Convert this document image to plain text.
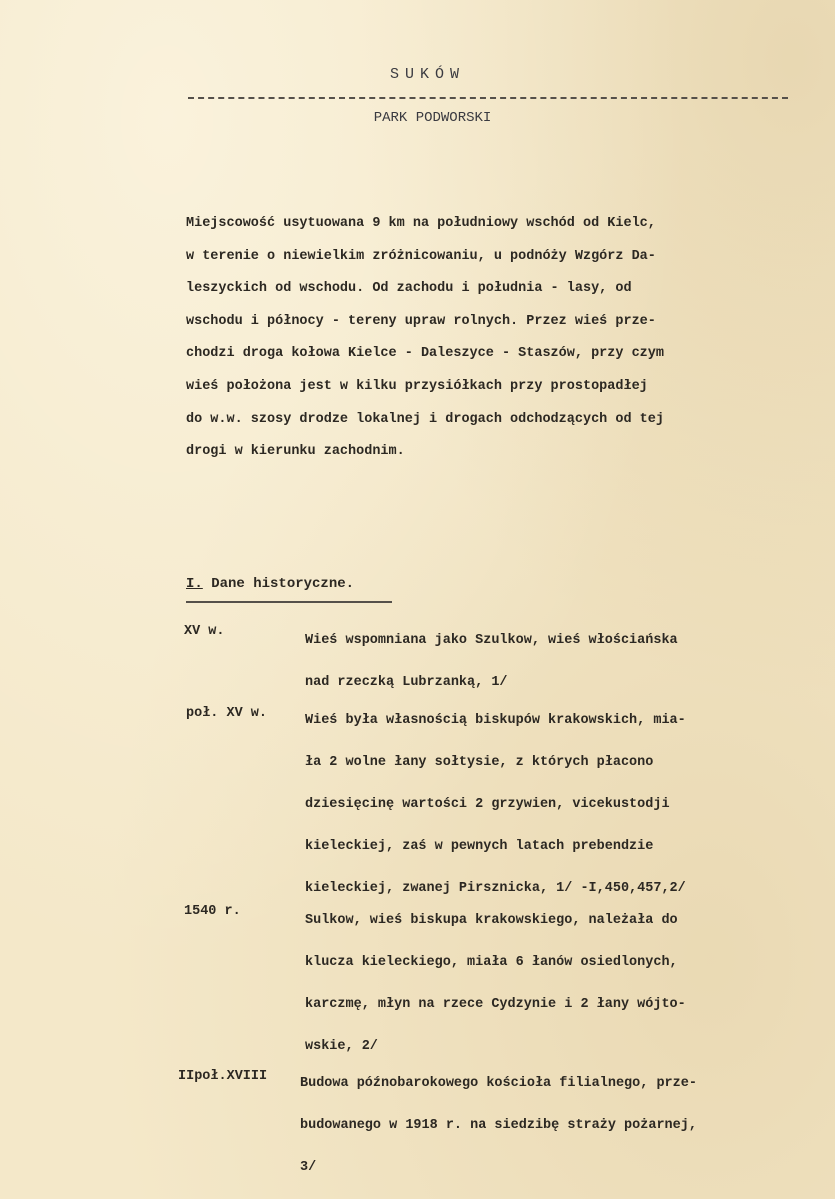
SUKÓW
PARK PODWORSKI
Miejscowość usytuowana 9 km na południowy wschód od Kielc,
w terenie o niewielkim zróżnicowaniu, u podnóży Wzgórz Da-
leszyckich od wschodu. Od zachodu i południa - lasy, od
wschodu i północy - tereny upraw rolnych. Przez wieś prze-
chodzi droga kołowa Kielce - Daleszyce - Staszów, przy czym
wieś położona jest w kilku przysiółkach przy prostopadłej
do w.w. szosy drodze lokalnej i drogach odchodzących od tej
drogi w kierunku zachodnim.
I. Dane historyczne.
XV w.
Wieś wspomniana jako Szulkow, wieś włościańska
nad rzeczką Lubrzanką, 1/
poł. XV w.	Wieś była własnością biskupów krakowskich, mia-
ła 2 wolne łany sołtysie, z których płacono
dziesięcinę wartości 2 grzywien, vicekustodji
kieleckiej, zaś w pewnych latach prebendzie
kieleckiej, zwanej Pirsznicka, 1/ -I,450,457,2/
1540 r.
Sulkow, wieś biskupa krakowskiego, należała do
klucza kieleckiego, miała 6 łanów osiedlonych,
karczmę, młyn na rzece Cydzynie i 2 łany wójto-
wskie, 2/
IIpoł.XVIII Budowa późnobarokowego kościoła filialnego, prze-
budowanego w 1918 r. na siedzibę straży pożarnej,
3/
